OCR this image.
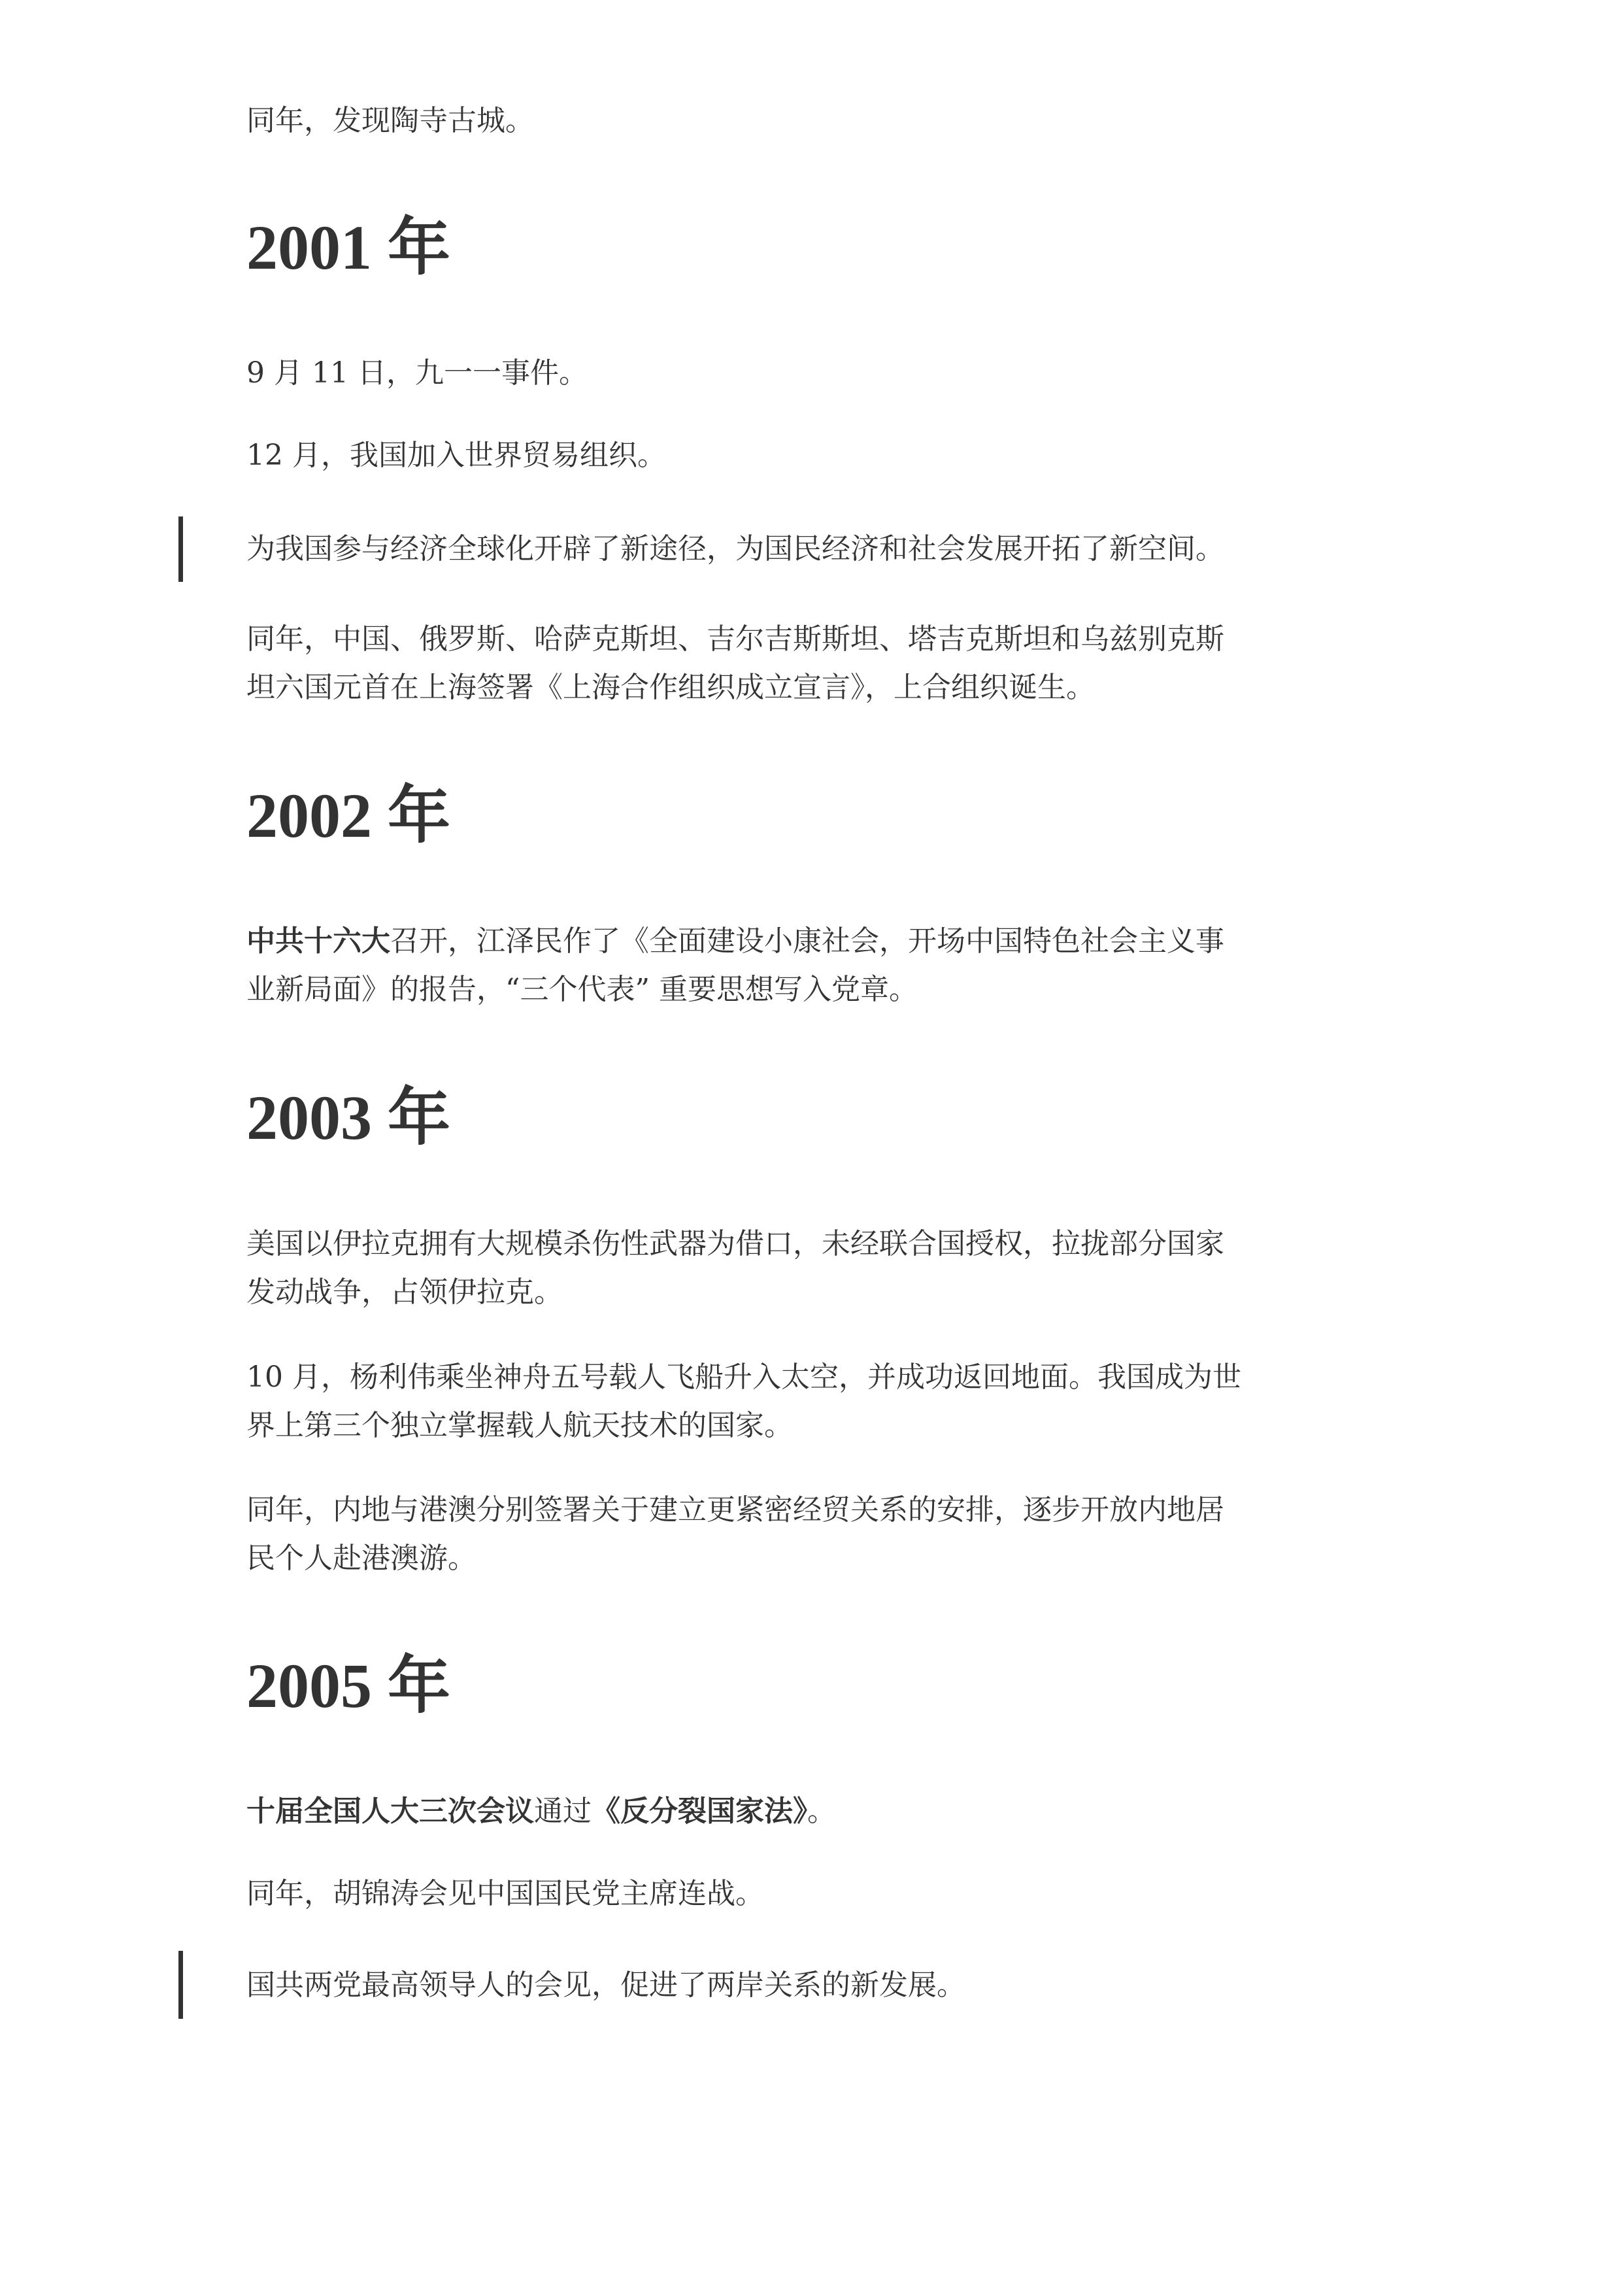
同年，发现陶寺古城。

2001 年

9 月 11 日，九一一事件。

12 月，我国加入世界贸易组织。

为我国参与经济全球化开辟了新途径，为国民经济和社会发展开拓了新空间。

同年，中国、俄罗斯、哈萨克斯坦、吉尔吉斯斯坦、塔吉克斯坦和乌兹别克斯

坦六国元首在上海签署《上海合作组织成立宣言》，上合组织诞生。

2002 年

中共十六大召开，江泽民作了《全面建设小康社会，开场中国特色社会主义事

业新局面》的报告，“三个代表” 重要思想写入党章。

2003 年

美国以伊拉克拥有大规模杀伤性武器为借口，未经联合国授权，拉拢部分国家

发动战争，占领伊拉克。

10 月，杨利伟乘坐神舟五号载人飞船升入太空，并成功返回地面。我国成为世

界上第三个独立掌握载人航天技术的国家。

同年，内地与港澳分别签署关于建立更紧密经贸关系的安排，逐步开放内地居

民个人赴港澳游。

2005 年

十届全国人大三次会议通过《反分裂国家法》。

同年，胡锦涛会见中国国民党主席连战。

国共两党最高领导人的会见，促进了两岸关系的新发展。
